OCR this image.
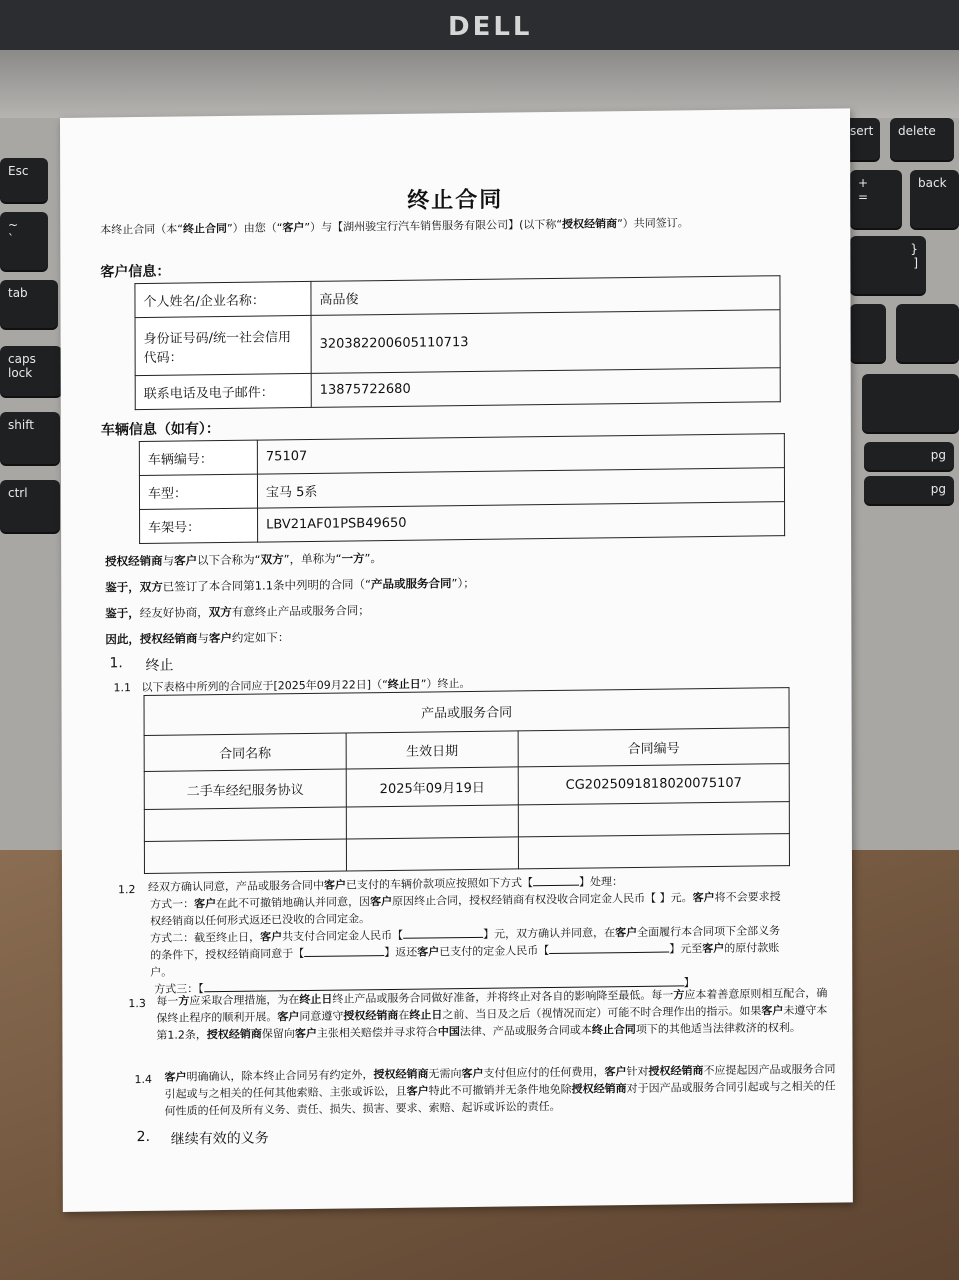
DELL
Esc
~
`
tab
caps lock
shift
ctrl
sert	delete
+
=
back
}
]
pg
pg
终止合同
本终止合同（本“终止合同”）由您（“客户”）与【湖州骏宝行汽车销售服务有限公司】(以下称“授权经销商”）共同签订。
客户信息：
个人姓名/企业名称：	高品俊
身份证号码/统一社会信用代码：	320382200605110713
联系电话及电子邮件：	13875722680
车辆信息（如有）：
车辆编号：	75107
车型：	宝马 5系
车架号：	LBV21AF01PSB49650
授权经销商与客户以下合称为“双方”，单称为“一方”。
鉴于，双方已签订了本合同第1.1条中列明的合同（“产品或服务合同”）；
鉴于，经友好协商，双方有意终止产品或服务合同；
因此，授权经销商与客户约定如下：
1. 终止
1.1 以下表格中所列的合同应于[2025年09月22日]（“终止日”）终止。
产品或服务合同		
合同名称	生效日期	合同编号
二手车经纪服务协议	2025年09月19日	CG2025091818020075107

1.2 经双方确认同意，产品或服务合同中客户已支付的车辆价款项应按照如下方式【	】处理：
方式一：客户在此不可撤销地确认并同意，因客户原因终止合同，授权经销商有权没收合同定金人民币【 】元。客户将不会要求授
权经销商以任何形式返还已没收的合同定金。
方式二：截至终止日，客户共支付合同定金人民币【	】元，双方确认并同意，在客户全面履行本合同项下全部义务
的条件下，授权经销商同意于【	】返还客户已支付的定金人民币【	】元至客户的原付款账
户。
方式三：【	】
1.3 每一方应采取合理措施，为在终止日终止产品或服务合同做好准备，并将终止对各自的影响降至最低。每一方应本着善意原则相互配合，确保终止程序的顺利开展。客户同意遵守授权经销商在终止日之前、当日及之后（视情况而定）可能不时合理作出的指示。如果客户未遵守本第1.2条，授权经销商保留向客户主张相关赔偿并寻求符合中国法律、产品或服务合同或本终止合同项下的其他适当法律救济的权利。
1.4 客户明确确认，除本终止合同另有约定外，授权经销商无需向客户支付但应付的任何费用，客户针对授权经销商不应提起因产品或服务合同引起或与之相关的任何其他索赔、主张或诉讼，且客户特此不可撤销并无条件地免除授权经销商对于因产品或服务合同引起或与之相关的任何性质的任何及所有义务、责任、损失、损害、要求、索赔、起诉或诉讼的责任。
2. 继续有效的义务
